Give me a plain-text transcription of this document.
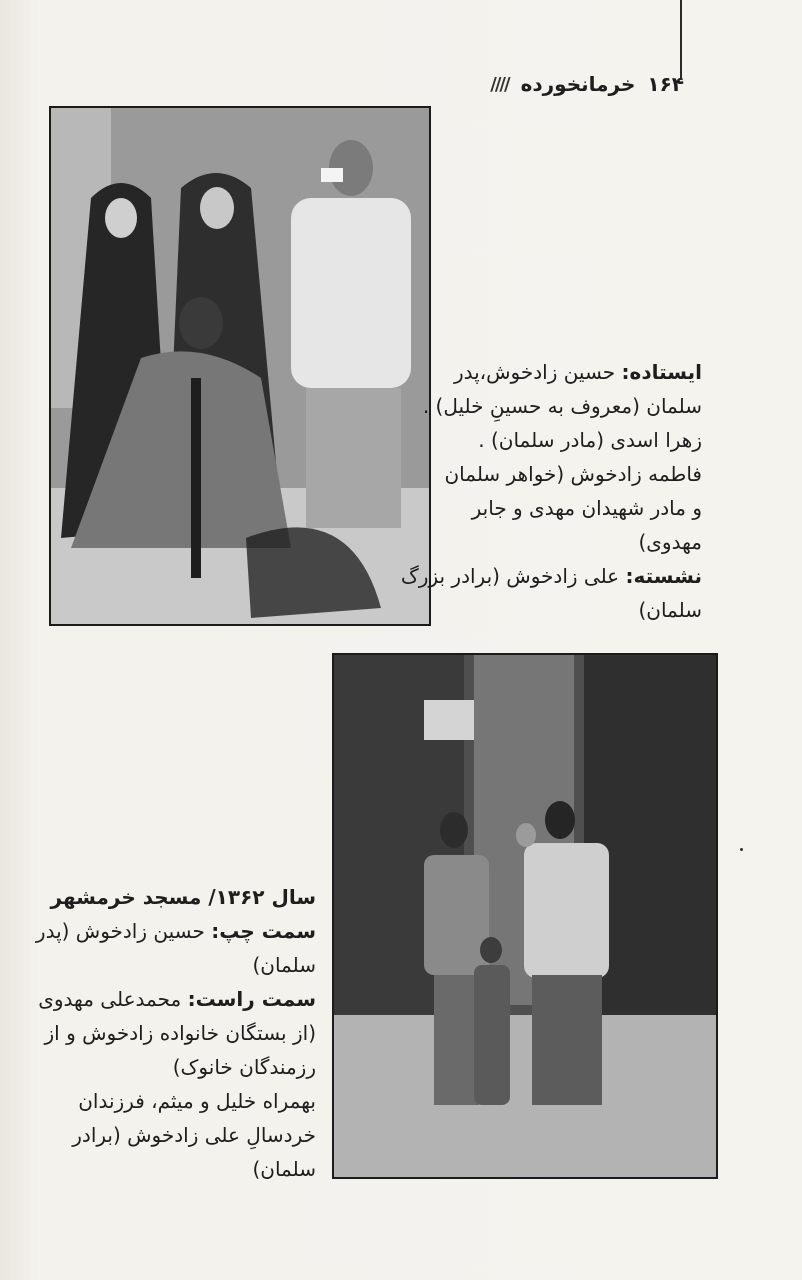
۱۶۴
خرمانخورده
////
ایستاده: حسین زادخوش،پدر
سلمان (معروف به حسینِ خلیل) .
زهرا اسدی (مادر سلمان) .
فاطمه زادخوش (خواهر سلمان
و مادر شهیدان مهدی و جابر
مهدوی)
نشسته: علی زادخوش (برادر بزرگ
سلمان)
سال ۱۳۶۲/ مسجد خرمشهر
سمت چپ: حسین زادخوش (پدر
سلمان)
سمت راست: محمدعلی مهدوی
(از بستگان خانواده زادخوش و از
رزمندگان خانوک)
بهمراه خلیل و میثم، فرزندان
خردسالِ علی زادخوش (برادر
سلمان)
